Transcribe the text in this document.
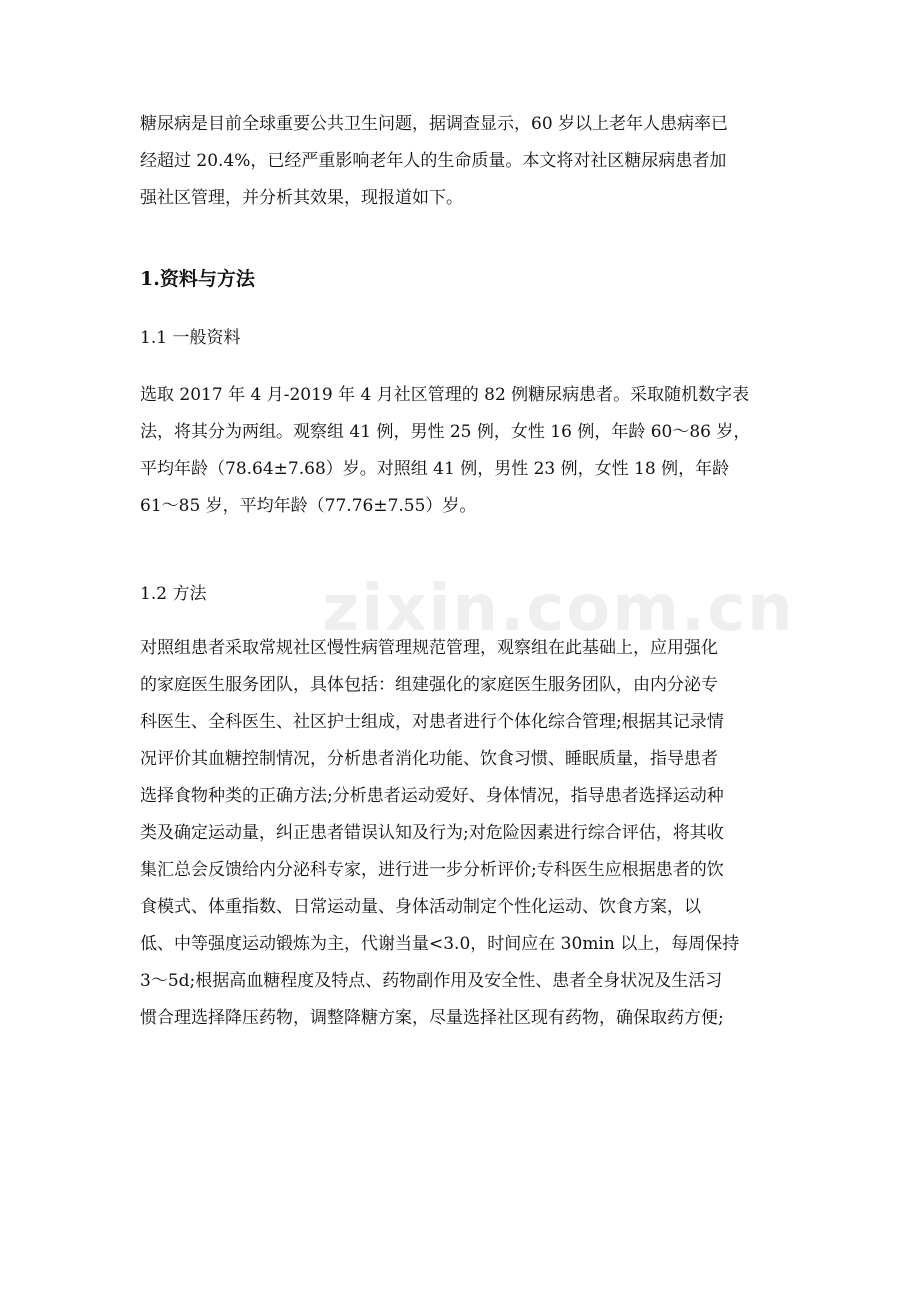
zixin.com.cn
糖尿病是目前全球重要公共卫生问题，据调查显示，60 岁以上老年人患病率已
经超过 20.4%，已经严重影响老年人的生命质量。本文将对社区糖尿病患者加
强社区管理，并分析其效果，现报道如下。
1.资料与方法
1.1 一般资料
选取 2017 年 4 月-2019 年 4 月社区管理的 82 例糖尿病患者。采取随机数字表
法，将其分为两组。观察组 41 例，男性 25 例，女性 16 例，年龄 60～86 岁，
平均年龄（78.64±7.68）岁。对照组 41 例，男性 23 例，女性 18 例，年龄
61～85 岁，平均年龄（77.76±7.55）岁。
1.2 方法
对照组患者采取常规社区慢性病管理规范管理，观察组在此基础上，应用强化
的家庭医生服务团队，具体包括：组建强化的家庭医生服务团队，由内分泌专
科医生、全科医生、社区护士组成，对患者进行个体化综合管理;根据其记录情
况评价其血糖控制情况，分析患者消化功能、饮食习惯、睡眠质量，指导患者
选择食物种类的正确方法;分析患者运动爱好、身体情况，指导患者选择运动种
类及确定运动量，纠正患者错误认知及行为;对危险因素进行综合评估，将其收
集汇总会反馈给内分泌科专家，进行进一步分析评价;专科医生应根据患者的饮
食模式、体重指数、日常运动量、身体活动制定个性化运动、饮食方案，以
低、中等强度运动锻炼为主，代谢当量<3.0，时间应在 30min 以上，每周保持
3～5d;根据高血糖程度及特点、药物副作用及安全性、患者全身状况及生活习
惯合理选择降压药物，调整降糖方案，尽量选择社区现有药物，确保取药方便;
